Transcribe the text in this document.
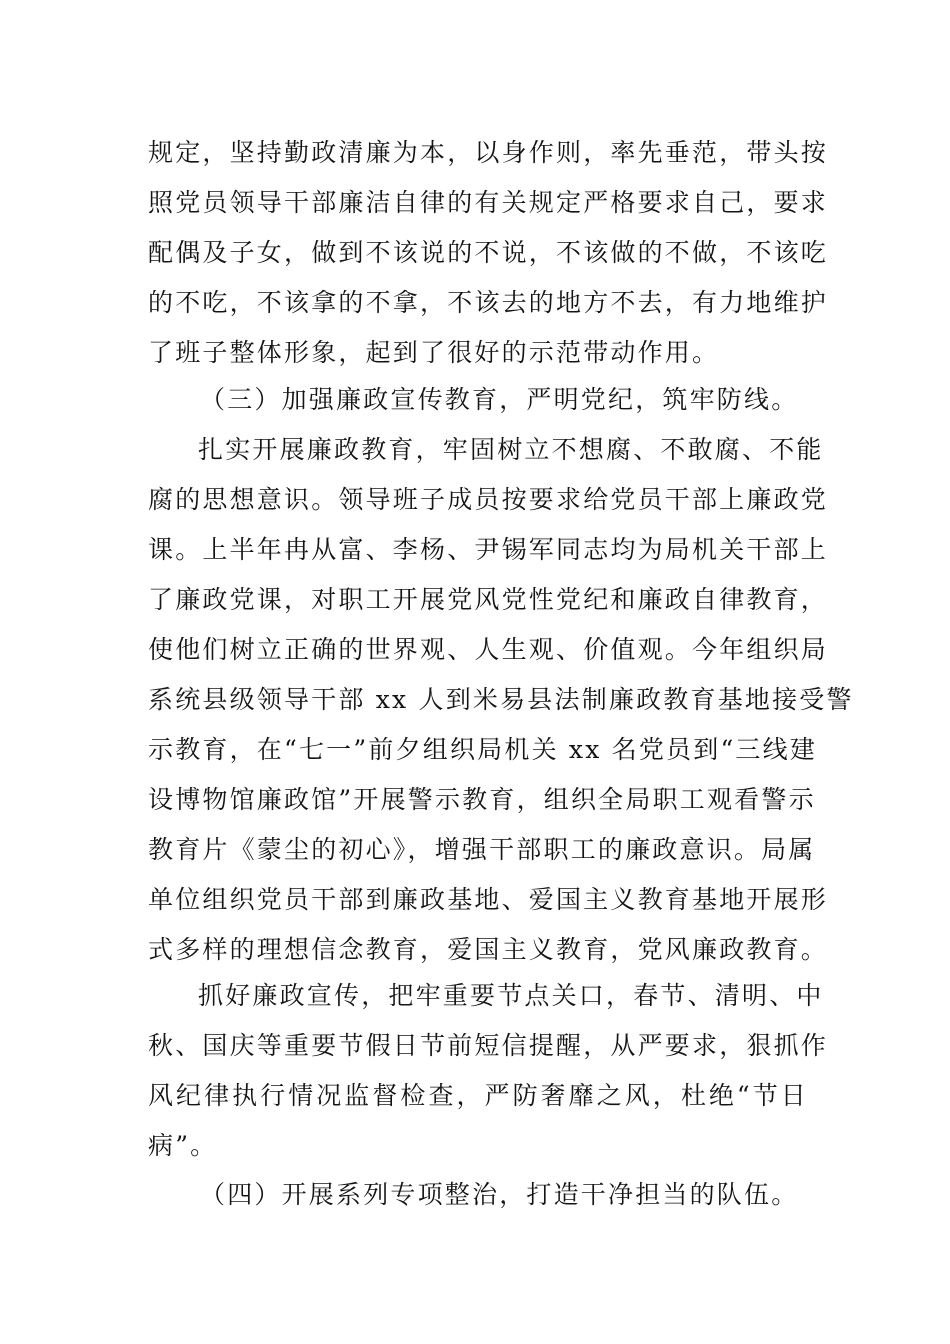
规定，坚持勤政清廉为本，以身作则，率先垂范，带头按
照党员领导干部廉洁自律的有关规定严格要求自己，要求
配偶及子女，做到不该说的不说，不该做的不做，不该吃
的不吃，不该拿的不拿，不该去的地方不去，有力地维护
了班子整体形象，起到了很好的示范带动作用。
（三）加强廉政宣传教育，严明党纪，筑牢防线。
扎实开展廉政教育，牢固树立不想腐、不敢腐、不能
腐的思想意识。领导班子成员按要求给党员干部上廉政党
课。上半年冉从富、李杨、尹锡军同志均为局机关干部上
了廉政党课，对职工开展党风党性党纪和廉政自律教育，
使他们树立正确的世界观、人生观、价值观。今年组织局
系统县级领导干部 xx 人到米易县法制廉政教育基地接受警
示教育，在“七一”前夕组织局机关 xx 名党员到“三线建
设博物馆廉政馆”开展警示教育，组织全局职工观看警示
教育片《蒙尘的初心》，增强干部职工的廉政意识。局属
单位组织党员干部到廉政基地、爱国主义教育基地开展形
式多样的理想信念教育，爱国主义教育，党风廉政教育。
抓好廉政宣传，把牢重要节点关口，春节、清明、中
秋、国庆等重要节假日节前短信提醒，从严要求，狠抓作
风纪律执行情况监督检查，严防奢靡之风，杜绝“节日
病”。
（四）开展系列专项整治，打造干净担当的队伍。
